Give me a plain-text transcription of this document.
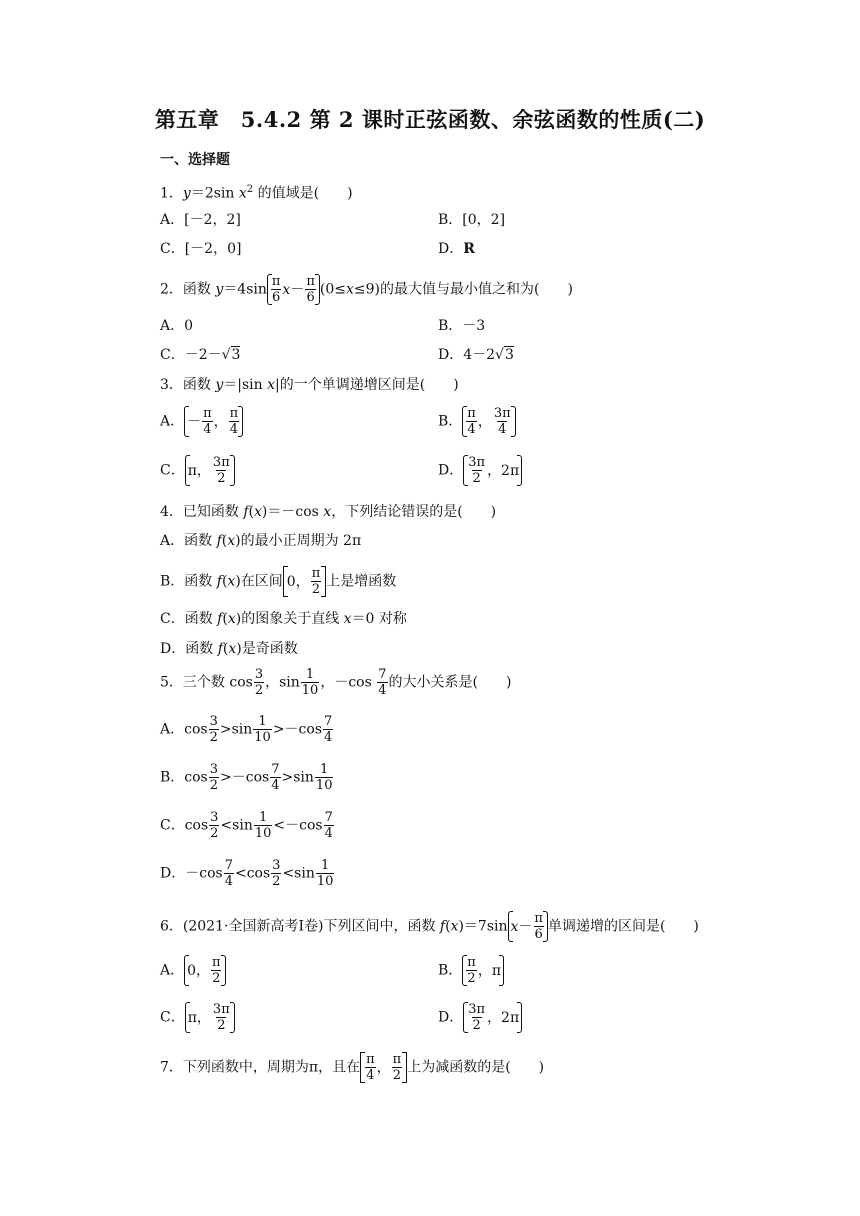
第五章　5.4.2 第 2 课时正弦函数、余弦函数的性质(二)
一、选择题
1．y＝2sin $x^2$ 的值域是(　　)
A．[－2，2]	B．[0，2]
C．[－2，0]	D．R
2．函数 $y=4\sin \frac{\pi}{6}$ $x - \frac{\pi}{6} (0\le x\le 9)$的最大值与最小值之和为(　　)
A．0	B．－3
C．－2－√3	D．4－2√3
3．函数 y＝|sin x|的一个单调递增区间是(　　)
A． － $\frac{\pi}{4}$ ， $\frac{\pi}{4}$	B． $\frac{\pi}{4}$ ， $\frac{3\pi}{4}$
C． π， $\frac{3\pi}{2}$	D． $\frac{3\pi}{2}$ ，2π
4．已知函数 f(x)＝－cos x，下列结论错误的是(　　)
A．函数 f(x)的最小正周期为 2π
B．函数 f(x)在区间 0， $\frac{\pi}{2}$ 上是增函数
C．函数 f(x)的图象关于直线 x＝0 对称
D．函数 f(x)是奇函数
5．三个数 $\cos \frac{3}{2}$ ，$\sin \frac{1}{10}$ ，$-\cos \frac{7}{4}$ 的大小关系是(　　)
A．$\cos \frac{3}{2} >\sin \frac{1}{10} >-\cos \frac{7}{4}$
B．$\cos \frac{3}{2} >-\cos \frac{7}{4} >\sin \frac{1}{10}$
C．$\cos \frac{3}{2} <\sin \frac{1}{10} <-\cos \frac{7}{4}$
D．$-\cos \frac{7}{4} <\cos \frac{3}{2} <\sin \frac{1}{10}$
6．(2021·全国新高考Ⅰ卷)下列区间中，函数 f(x)＝7sin $x - \frac{\pi}{6}$ 单调递增的区间是(　　)
A． 0， $\frac{\pi}{2}$	B． $\frac{\pi}{2}$ ，π
C． π， $\frac{3\pi}{2}$	D． $\frac{3\pi}{2}$ ，2π
7．下列函数中，周期为π，且在 $\frac{\pi}{4}$ ， $\frac{\pi}{2}$ 上为减函数的是(　　)
